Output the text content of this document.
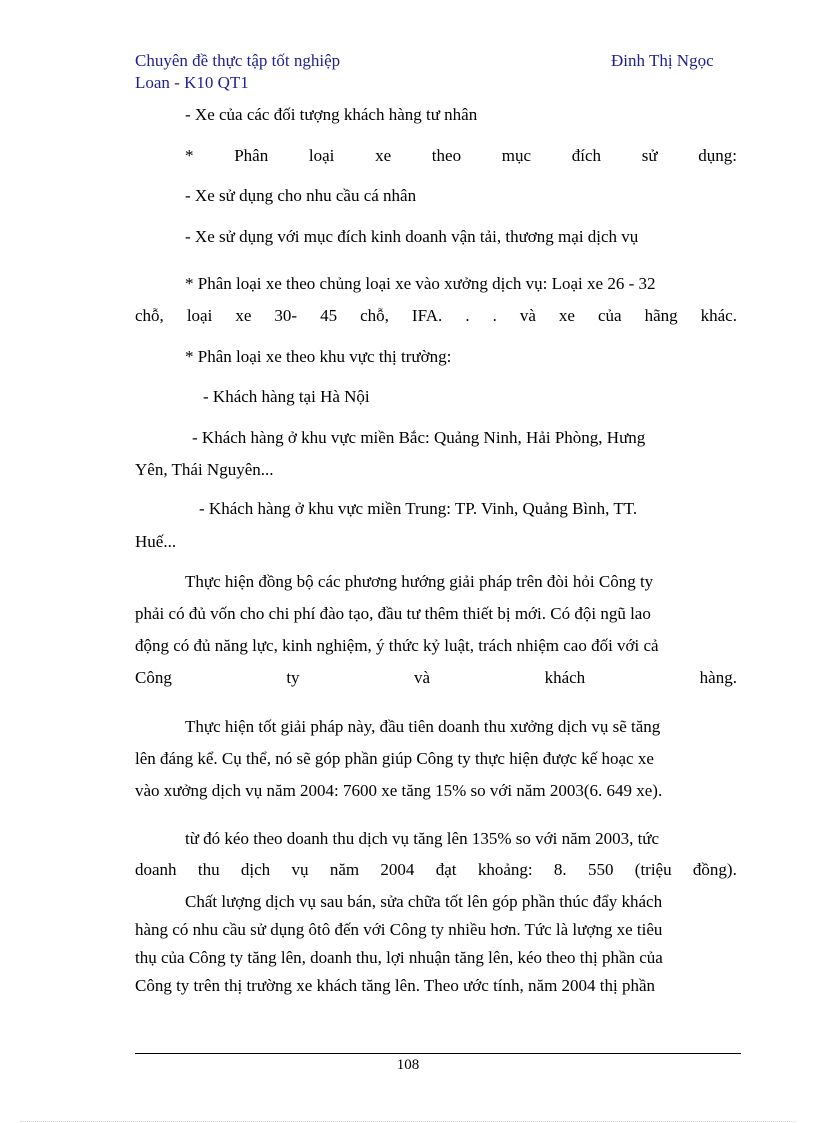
Chuyên đề thực tập tốt nghiệp	Đinh Thị Ngọc
Loan - K10 QT1
- Xe của các đối tượng khách hàng tư nhân
* Phân loại xe theo mục đích sử dụng:
- Xe sử dụng cho nhu cầu cá nhân
- Xe sử dụng với mục đích kinh doanh vận tải, thương mại dịch vụ
* Phân loại xe theo chủng loại xe vào xưởng dịch vụ: Loại xe 26 - 32
chỗ, loại xe 30- 45 chỗ, IFA. . . và xe của hãng khác.
* Phân loại xe theo khu vực thị trường:
- Khách hàng tại Hà Nội
- Khách hàng ở khu vực miền Bắc: Quảng Ninh, Hải Phòng, Hưng
Yên, Thái Nguyên...
- Khách hàng ở khu vực miền Trung: TP. Vinh, Quảng Bình, TT.
Huế...
Thực hiện đồng bộ các phương hướng giải pháp trên đòi hỏi Công ty
phải có đủ vốn cho chi phí đào tạo, đầu tư thêm thiết bị mới. Có đội ngũ lao
động có đủ năng lực, kinh nghiệm, ý thức kỷ luật, trách nhiệm cao đối với cả
Công	ty	và	khách	hàng.
Thực hiện tốt giải pháp này, đầu tiên doanh thu xưởng dịch vụ sẽ tăng
lên đáng kể. Cụ thể, nó sẽ góp phần giúp Công ty thực hiện được kế hoạc xe
vào xưởng dịch vụ năm 2004: 7600 xe tăng 15% so với năm 2003(6. 649 xe).
từ đó kéo theo doanh thu dịch vụ tăng lên 135% so với năm 2003, tức
doanh thu dịch vụ năm 2004 đạt khoảng: 8. 550 (triệu đồng).
Chất lượng dịch vụ sau bán, sửa chữa tốt lên góp phần thúc đẩy khách
hàng có nhu cầu sử dụng ôtô đến với Công ty nhiều hơn. Tức là lượng xe tiêu
thụ của Công ty tăng lên, doanh thu, lợi nhuận tăng lên, kéo theo thị phần của
Công ty trên thị trường xe khách tăng lên. Theo ước tính, năm 2004 thị phần
108
